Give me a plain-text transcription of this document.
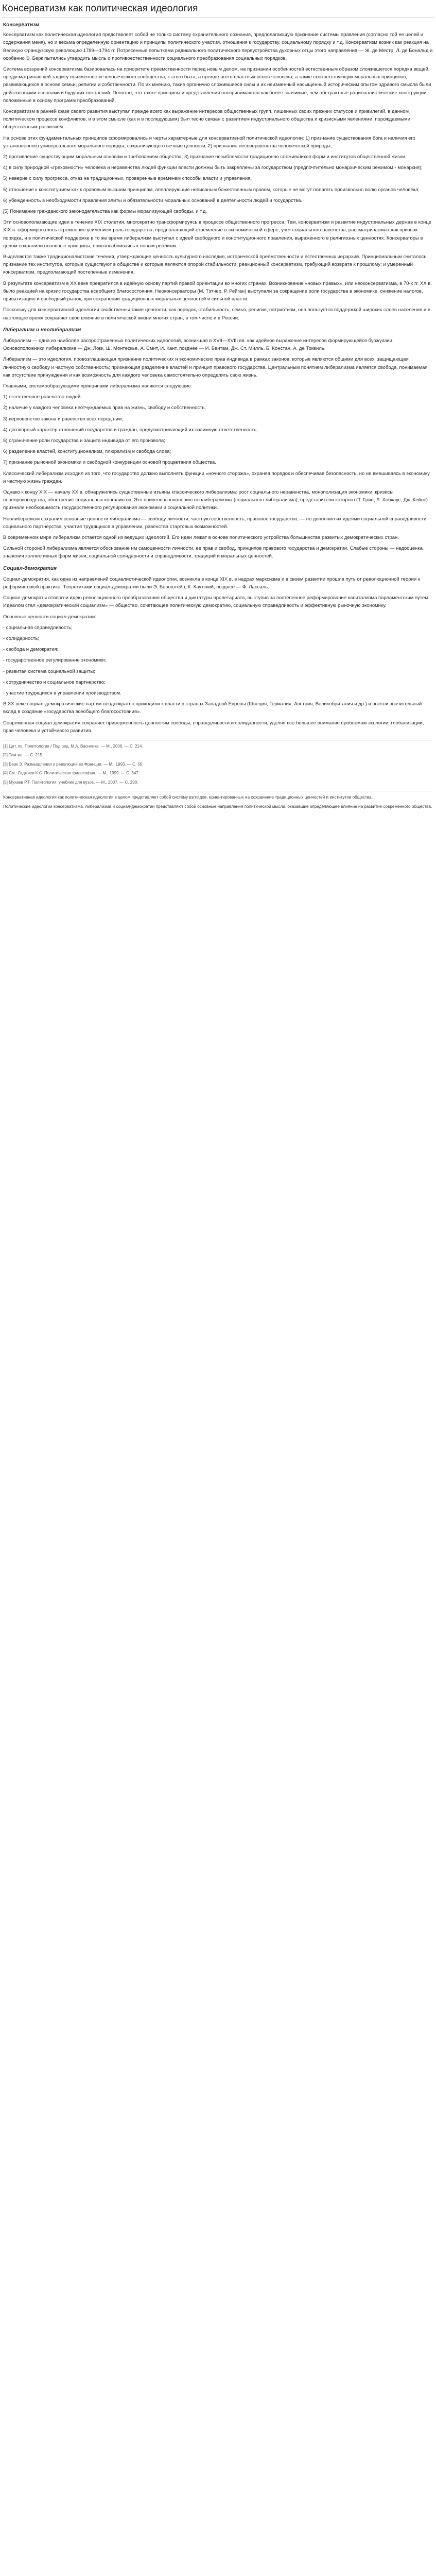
Консерватизм как политическая идеология
Консерватизм

Консерватизм как политическая идеология представляет собой не только систему охранительного сознания, предполагающую признание системы правления (согласно той ее целей и содержания меня), но и весьма определенную ориентацию и принципы политического участия, отношения к государству, социальному порядку и т.д. Консерватизм возник как реакция на Великую Французскую революцию 1789—1794 гг. Потрясенные попытками радикального политического переустройства духовных отцы этого направления — Ж. де Местр, Л. де Бональд и особенно Э. Берк пытались утвердить мысль о противоестественности социального преобразования социальных порядков.

Система воззрений консерватизма базировалась на приоритете преемственности перед новым делом, на признании особенностей естественным образом сложившегося порядка вещей, предусматривающей защиту неизменности человеческого сообщества, к этого быта, а прежде всего властных основ человека, а также соответствующих моральных принципов, развивающихся в основе семьи, религии и собственности. По их мнению, такие органично сложившиеся силы и их неизменный насыщенный историческим опытом здравого смысла были действенными основами и будущих поколений. Понятно, что также принципы и представления воспринимаются как более значимые, чем абстрактные рационалистические конструкции, положенные в основу программ преобразований.

Консерватизм в ранней фазе своего развития выступал прежде всего как выражение интересов общественных групп, лишенных своих прежних статусов и привилегий, в данном политическом процессе конфликтов, и в этом смысле (как и в последующем) был тесно связан с развитием индустриального общества и кризисными явлениями, порождаемыми общественным развитием.

На основе этих фундаментальных принципов сформировались и черты характерные для консервативной политической идеологии: 1) признание существования бога и наличия его установленного универсального морального порядка, сакрализующего вечные ценности; 2) признание несовершенства человеческой природы;

2) противление существующим моральным основам и требованиям общества; 3) признание незыблемости традиционно сложившихся форм и институтов общественной жизни,

4) в силу природной «греховности» человека и неравенства людей функции власти должны быть закреплены за государством (предпочтительно монархическим режимом - монархия);

5) неверие с силу прогресса, отказ на традиционных, проверенные временем способы власти и управления,

5) отношение к конституциям как к правовым высшим принципам, апеллирующие неписаным божественным правом, которые не могут полагать произвольно волю органов человека;

6) убежденность в необходимости правления элиты и обязательности моральных оснований в деятельности людей и государства.

[5] Понимание гражданского законодательства как формы морализующей свободы. и т.д.

Эти основополагающие идеи в течение XIX столетия, многократно трансформируясь в процессе общественного прогресса, Тем, консерватизм и развитие индустриальных держав в конце XIX в. сформировалось стремление усилением роль государства, предполагающий стремление в экономической сфере, учет социального равенства, рассматриваемых как признак порядка, и в политической поддержке в то же время либерализм выступал с идеей свободного и конституционного правления, выраженного в религиозных ценностях. Консерваторы в целом сохранили основные принципы, приспосабливаясь к новым реалиям.

Выделяются также традиционалистские течения, утверждающие ценность культурного наследия, исторической преемственности и естественных иерархий. Принципиальным считалось признание тех институтов, которые существуют в обществе и которые являются опорой стабильности; реакционный консерватизм, требующий возврата к прошлому; и умеренный консерватизм, предполагающий постепенные изменения.

В результате консерватизм в XX веке превратился в идейную основу партий правой ориентации во многих странах. Возникновение «новых правых», или неоконсерватизма, в 70-х гг. XX в. было реакцией на кризис государства всеобщего благосостояния. Неоконсерваторы (М. Тэтчер, Р. Рейган) выступали за сокращение роли государства в экономике, снижение налогов, приватизацию и свободный рынок, при сохранении традиционных моральных ценностей и сильной власти.

Поскольку для консервативной идеологии свойственны такие ценности, как порядок, стабильность, семья, религия, патриотизм, она пользуется поддержкой широких слоев населения и в настоящее время сохраняет свое влияние в политической жизни многих стран, в том числе и в России.

Либерализм и неолиберализм

Либерализм — одна из наиболее распространенных политических идеологий, возникшая в XVII—XVIII вв. как идейное выражение интересов формирующейся буржуазии. Основоположники либерализма — Дж. Локк, Ш. Монтескье, А. Смит, И. Кант, позднее — И. Бентам, Дж. Ст. Милль, Б. Констан, А. де Токвиль.

Либерализм — это идеология, провозглашающая признание политических и экономических прав индивида в рамках законов, которые являются общими для всех; защищающая личностную свободу и частную собственность; признающая разделение властей и принцип правового государства. Центральным понятием либерализма является свобода, понимаемая как отсутствие принуждения и как возможность для каждого человека самостоятельно определять свою жизнь.

Главными, системообразующими принципами либерализма являются следующие:

1) естественное равенство людей;

2) наличие у каждого человека неотчуждаемых прав на жизнь, свободу и собственность;

3) верховенство закона и равенство всех перед ним;

4) договорный характер отношений государства и граждан, предусматривающий их взаимную ответственность;

5) ограничение роли государства и защита индивида от его произвола;

6) разделение властей, конституционализм, плюрализм и свобода слова;

7) признание рыночной экономики и свободной конкуренции основой процветания общества.

Классический либерализм исходил из того, что государство должно выполнять функции «ночного сторожа», охраняя порядок и обеспечивая безопасность, но не вмешиваясь в экономику и частную жизнь граждан.

Однако к концу XIX — началу XX в. обнаружились существенные изъяны классического либерализма: рост социального неравенства, монополизация экономики, кризисы перепроизводства, обострение социальных конфликтов. Это привело к появлению неолиберализма (социального либерализма), представители которого (Т. Грин, Л. Хобхаус, Дж. Кейнс) признали необходимость государственного регулирования экономики и социальной политики.

Неолиберализм сохранил основные ценности либерализма — свободу личности, частную собственность, правовое государство, — но дополнил их идеями социальной справедливости, социального партнерства, участия трудящихся в управлении, равенства стартовых возможностей.

В современном мире либерализм остается одной из ведущих идеологий. Его идеи лежат в основе политического устройства большинства развитых демократических стран.

Сильной стороной либерализма является обоснование им самоценности личности, ее прав и свобод, принципов правового государства и демократии. Слабые стороны — недооценка значения коллективных форм жизни, социальной солидарности и справедливости, традиций и моральных ценностей.

Социал-демократия

Социал-демократия, как одна из направлений социалистической идеологии, возникла в конце XIX в. в недрах марксизма и в своем развитии прошла путь от революционной теории к реформистской практике. Теоретиками социал-демократии были Э. Бернштейн, К. Каутский, позднее — Ф. Лассаль.

Социал-демократы отвергли идею революционного преобразования общества и диктатуры пролетариата, выступив за постепенное реформирование капитализма парламентским путем. Идеалом стал «демократический социализм» — общество, сочетающее политическую демократию, социальную справедливость и эффективную рыночную экономику.

Основные ценности социал-демократии:

- социальная справедливость;

- солидарность;

- свобода и демократия;

- государственное регулирование экономики;

- развитая система социальной защиты;

- сотрудничество и социальное партнерство;

- участие трудящихся в управлении производством.

В XX веке социал-демократические партии неоднократно приходили к власти в странах Западной Европы (Швеция, Германия, Австрия, Великобритания и др.) и внесли значительный вклад в создание «государства всеобщего благосостояния».

Современная социал-демократия сохраняет приверженность ценностям свободы, справедливости и солидарности, уделяя все большее внимание проблемам экологии, глобализации, прав человека и устойчивого развития.

[1] Цит. по: Политология / Под ред. М.А. Василика. — М., 2006. — С. 214.

[2] Там же. — С. 215.

[3] Берк Э. Размышления о революции во Франции. — М., 1993. — С. 56.

[4] См.: Гаджиев К.С. Политическая философия. — М., 1999. — С. 347.

[5] Мухаев Р.Т. Политология: учебник для вузов. — М., 2007. — С. 298.

Консервативная идеология как политическая идеология в целом представляет собой систему взглядов, ориентированных на сохранение традиционных ценностей и институтов общества.

Политические идеологии консерватизма, либерализма и социал-демократии представляют собой основные направления политической мысли, оказавшие определяющее влияние на развитие современного общества.
